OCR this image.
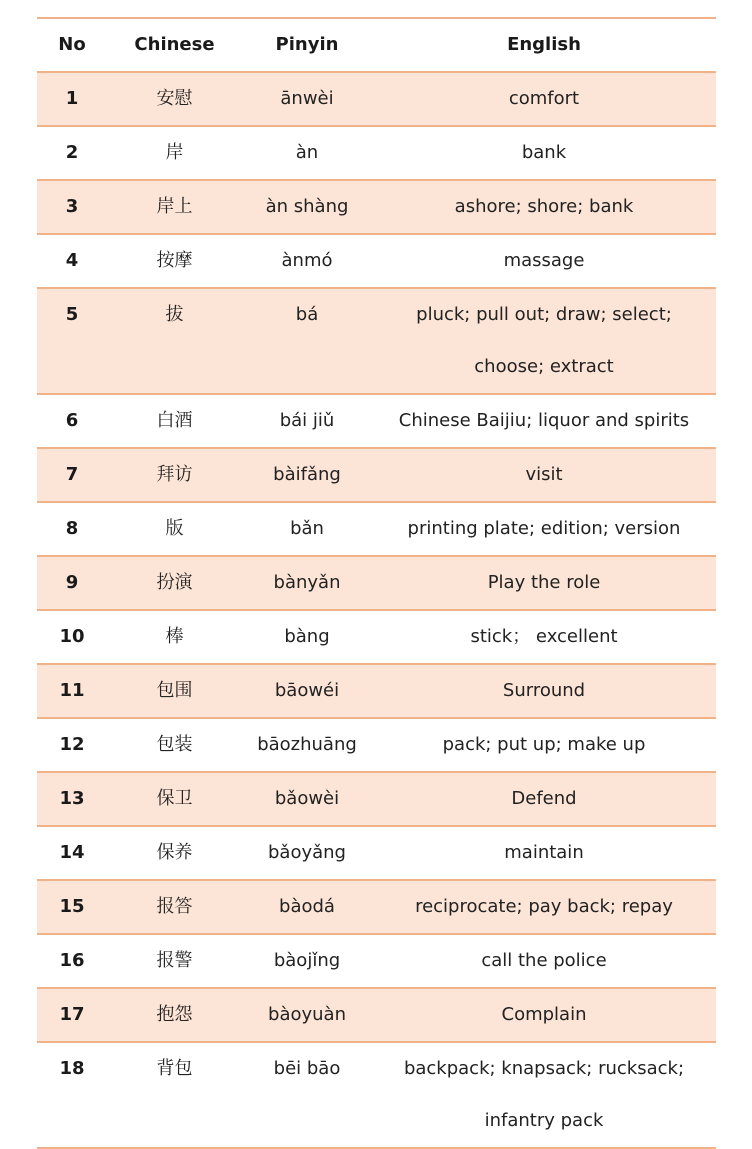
No	Chinese	Pinyin	English
1	安慰	ānwèi	comfort
2	岸	àn	bank
3	岸上	àn shàng	ashore; shore; bank
4	按摩	ànmó	massage
5	拔	bá	pluck; pull out; draw; select; choose; extract
6	白酒	bái jiǔ	Chinese Baijiu; liquor and spirits
7	拜访	bàifǎng	visit
8	版	bǎn	printing plate; edition; version
9	扮演	bànyǎn	Play the role
10	棒	bàng	stick； excellent
11	包围	bāowéi	Surround
12	包装	bāozhuāng	pack; put up; make up
13	保卫	bǎowèi	Defend
14	保养	bǎoyǎng	maintain
15	报答	bàodá	reciprocate; pay back; repay
16	报警	bàojǐng	call the police
17	抱怨	bàoyuàn	Complain
18	背包	bēi bāo	backpack; knapsack; rucksack; infantry pack
